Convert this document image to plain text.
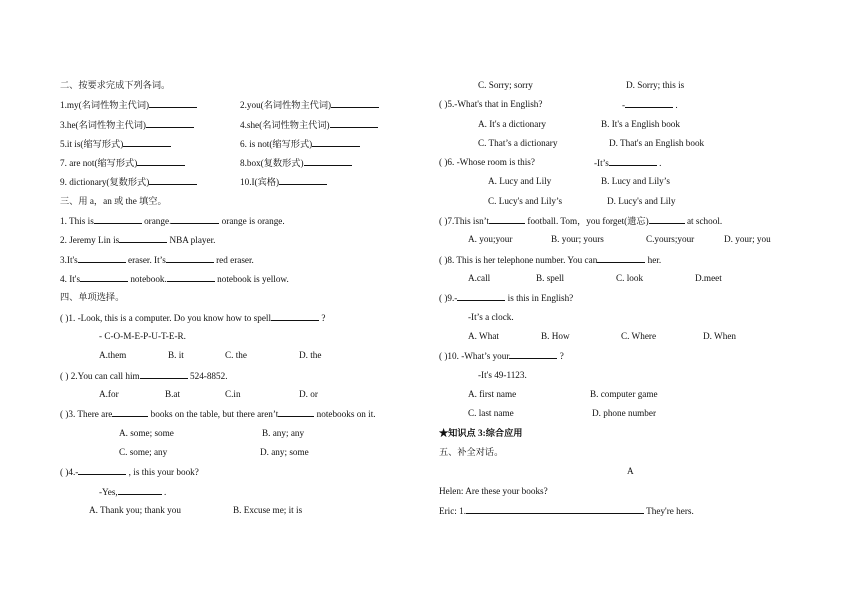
二、按要求完成下列各词。
1.my(名词性物主代词)	2.you(名词性物主代词)
3.he(名词性物主代词)	4.she(名词性物主代词)
5.it is(缩写形式)	6. is not(缩写形式)
7. are not(缩写形式)	8.box(复数形式)
9. dictionary(复数形式)	10.I(宾格)
三、用 a，an 或 the 填空。
1. This is	orange.	orange is orange.
2. Jeremy Lin is	NBA player.
3.It's	eraser. It’s	red eraser.
4. It's	notebook.	notebook is yellow.
四、单项选择。
( )1. -Look, this is a computer. Do you know how to spell	?
- C-O-M-E-P-U-T-E-R.
A.them	B. it	C. the	D. the
( ) 2.You can call him	524-8852.
A.for	B.at	C.in	D. or
( )3. There are	books on the table, but there aren’t	notebooks on it.
A. some; some	B. any; any
C. some; any	D. any; some
( )4.-	, is this your book?
-Yes,	.
A. Thank you; thank you	B. Excuse me; it is
C. Sorry; sorry	D. Sorry; this is
( )5.-What's that in English?	-	.
A. It's a dictionary	B. It's a English book
C. That’s a dictionary	D. That's an English book
( )6. -Whose room is this?	-It’s	.
A. Lucy and Lily	B. Lucy and Lily’s
C. Lucy's and Lily’s	D. Lucy's and Lily
( )7.This isn’t	football. Tom，you forget(遗忘)	at school.
A. you;your	B. your; yours	C.yours;your	D. your; you
( )8. This is her telephone number. You can	her.
A.call	B. spell	C. look	D.meet
( )9.-	is this in English?
-It’s a clock.
A. What	B. How	C. Where	D. When
( )10. -What’s your	?
-It's 49-1123.
A. first name	B. computer game
C. last name	D. phone number
★知识点 3:综合应用
五、补全对话。
A
Helen: Are these your books?
Eric: 1.	They're hers.
